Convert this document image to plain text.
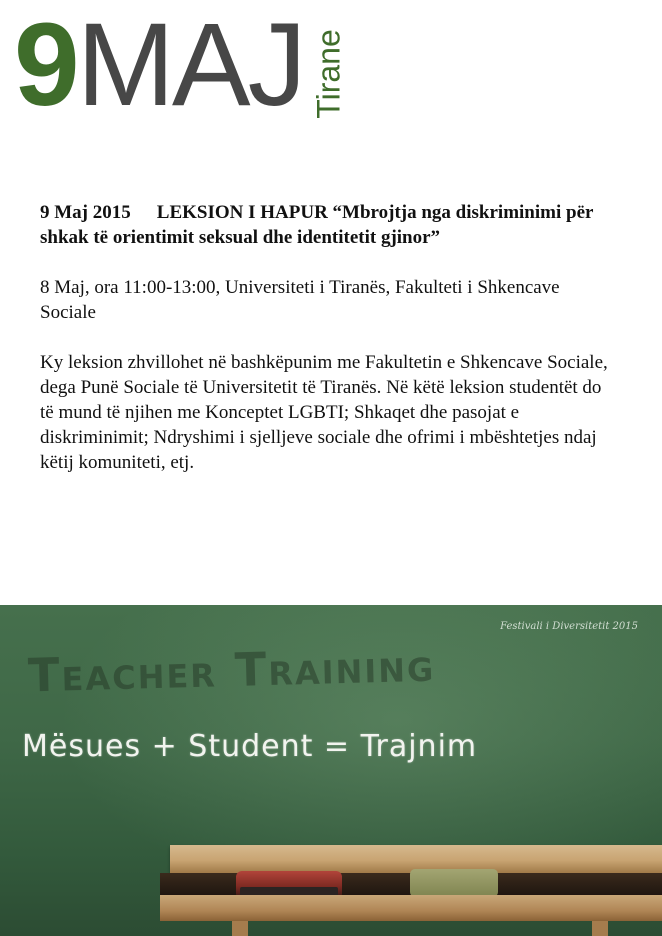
9MAJ Tirane

9 Maj 2015 LEKSION I HAPUR “Mbrojtja nga diskriminimi për shkak të orientimit seksual dhe identitetit gjinor”

8 Maj, ora 11:00-13:00, Universiteti i Tiranës, Fakulteti i Shkencave Sociale

Ky leksion zhvillohet në bashkëpunim me Fakultetin e Shkencave Sociale, dega Punë Sociale të Universitetit të Tiranës. Në këtë leksion studentët do të mund të njihen me Konceptet LGBTI; Shkaqet dhe pasojat e diskriminimit; Ndryshimi i sjelljeve sociale dhe ofrimi i mbështetjes ndaj këtij komuniteti, etj.

Festivali i Diversitetit 2015
Teacher Training
Mësues + Student = Trajnim
